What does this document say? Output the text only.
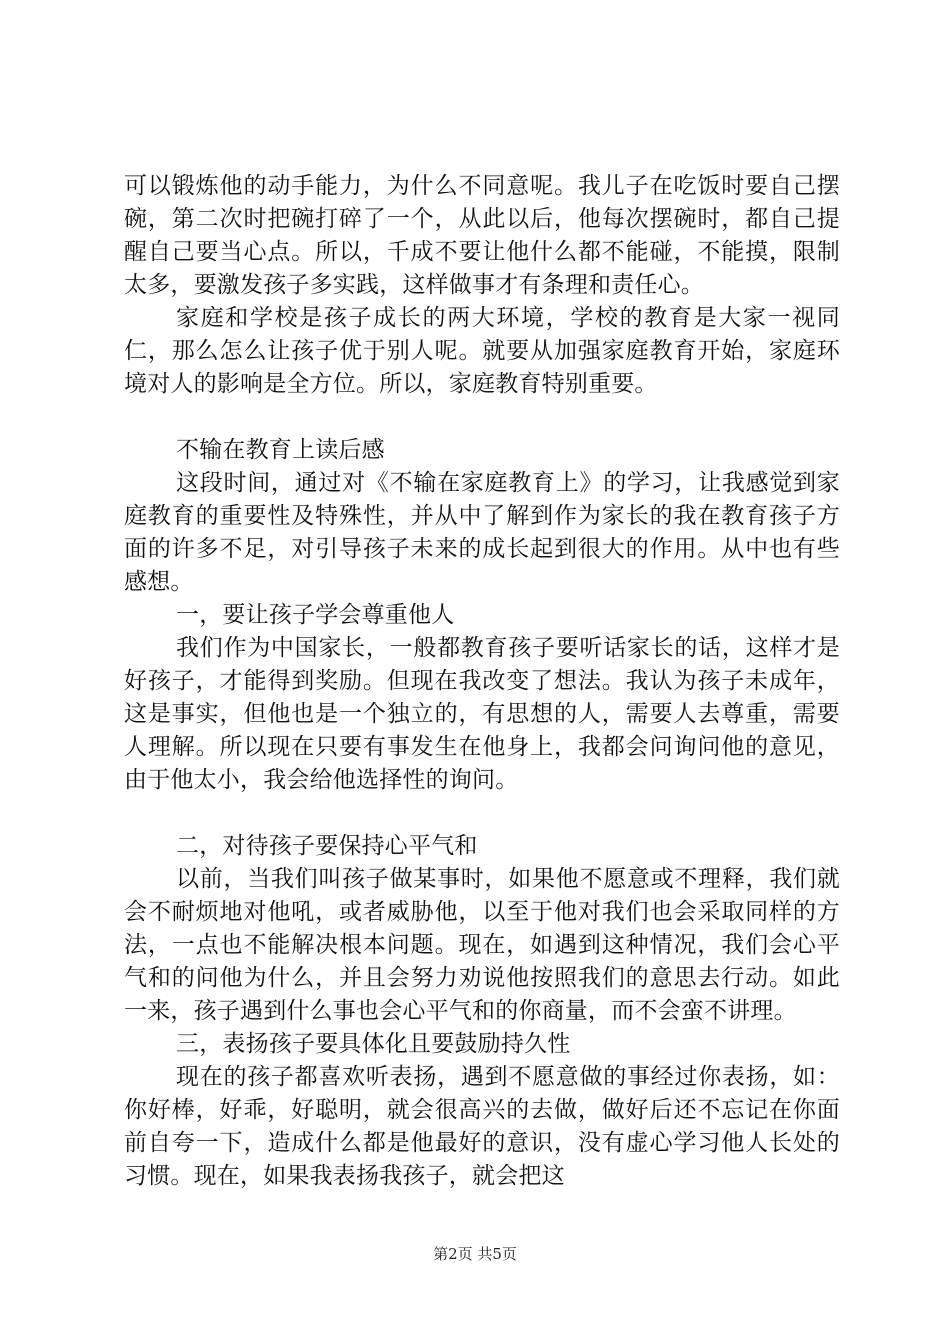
可以锻炼他的动手能力，为什么不同意呢。我儿子在吃饭时要自己摆碗，第二次时把碗打碎了一个，从此以后，他每次摆碗时，都自己提醒自己要当心点。所以，千成不要让他什么都不能碰，不能摸，限制太多，要激发孩子多实践，这样做事才有条理和责任心。

家庭和学校是孩子成长的两大环境，学校的教育是大家一视同仁，那么怎么让孩子优于别人呢。就要从加强家庭教育开始，家庭环境对人的影响是全方位。所以，家庭教育特别重要。

不输在教育上读后感

这段时间，通过对《不输在家庭教育上》的学习，让我感觉到家庭教育的重要性及特殊性，并从中了解到作为家长的我在教育孩子方面的许多不足，对引导孩子未来的成长起到很大的作用。从中也有些感想。

一，要让孩子学会尊重他人

我们作为中国家长，一般都教育孩子要听话家长的话，这样才是好孩子，才能得到奖励。但现在我改变了想法。我认为孩子未成年，这是事实，但他也是一个独立的，有思想的人，需要人去尊重，需要人理解。所以现在只要有事发生在他身上，我都会问询问他的意见，由于他太小，我会给他选择性的询问。

二，对待孩子要保持心平气和

以前，当我们叫孩子做某事时，如果他不愿意或不理释，我们就会不耐烦地对他吼，或者威胁他，以至于他对我们也会采取同样的方法，一点也不能解决根本问题。现在，如遇到这种情况，我们会心平气和的问他为什么，并且会努力劝说他按照我们的意思去行动。如此一来，孩子遇到什么事也会心平气和的你商量，而不会蛮不讲理。

三，表扬孩子要具体化且要鼓励持久性

现在的孩子都喜欢听表扬，遇到不愿意做的事经过你表扬，如：你好棒，好乖，好聪明，就会很高兴的去做，做好后还不忘记在你面前自夸一下，造成什么都是他最好的意识，没有虚心学习他人长处的习惯。现在，如果我表扬我孩子，就会把这

第2页 共5页
